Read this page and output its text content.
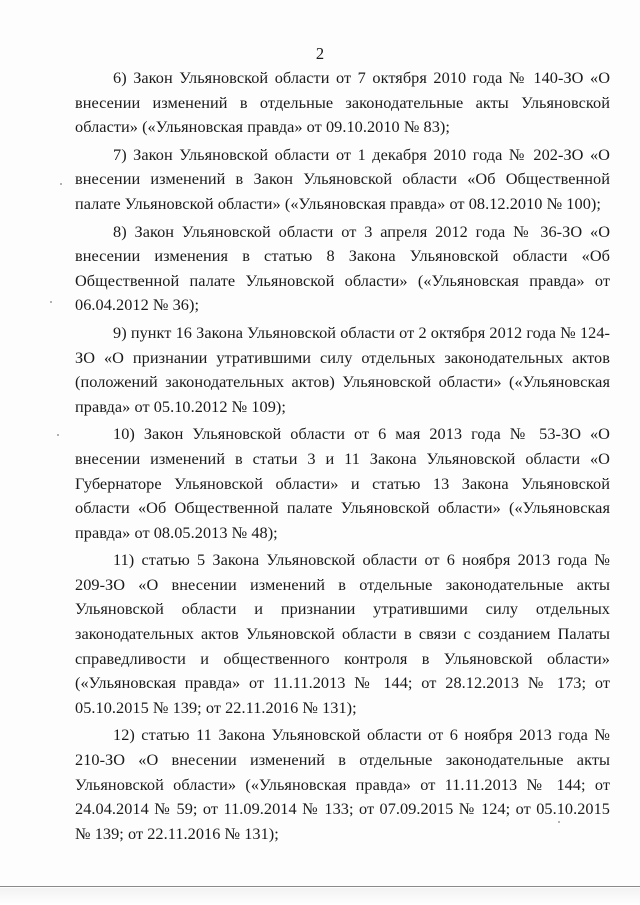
2

6) Закон Ульяновской области от 7 октября 2010 года № 140-ЗО «О внесении изменений в отдельные законодательные акты Ульяновской области» («Ульяновская правда» от 09.10.2010 № 83);

7) Закон Ульяновской области от 1 декабря 2010 года № 202-ЗО «О внесении изменений в Закон Ульяновской области «Об Общественной палате Ульяновской области» («Ульяновская правда» от 08.12.2010 № 100);

8) Закон Ульяновской области от 3 апреля 2012 года № 36-ЗО «О внесении изменения в статью 8 Закона Ульяновской области «Об Общественной палате Ульяновской области» («Ульяновская правда» от 06.04.2012 № 36);

9) пункт 16 Закона Ульяновской области от 2 октября 2012 года № 124-ЗО «О признании утратившими силу отдельных законодательных актов (положений законодательных актов) Ульяновской области» («Ульяновская правда» от 05.10.2012 № 109);

10) Закон Ульяновской области от 6 мая 2013 года № 53-ЗО «О внесении изменений в статьи 3 и 11 Закона Ульяновской области «О Губернаторе Ульяновской области» и статью 13 Закона Ульяновской области «Об Общественной палате Ульяновской области» («Ульяновская правда» от 08.05.2013 № 48);

11) статью 5 Закона Ульяновской области от 6 ноября 2013 года № 209-ЗО «О внесении изменений в отдельные законодательные акты Ульяновской области и признании утратившими силу отдельных законодательных актов Ульяновской области в связи с созданием Палаты справедливости и общественного контроля в Ульяновской области» («Ульяновская правда» от 11.11.2013 № 144; от 28.12.2013 № 173; от 05.10.2015 № 139; от 22.11.2016 № 131);

12) статью 11 Закона Ульяновской области от 6 ноября 2013 года № 210-ЗО «О внесении изменений в отдельные законодательные акты Ульяновской области» («Ульяновская правда» от 11.11.2013 № 144; от 24.04.2014 № 59; от 11.09.2014 № 133; от 07.09.2015 № 124; от 05.10.2015 № 139; от 22.11.2016 № 131);
